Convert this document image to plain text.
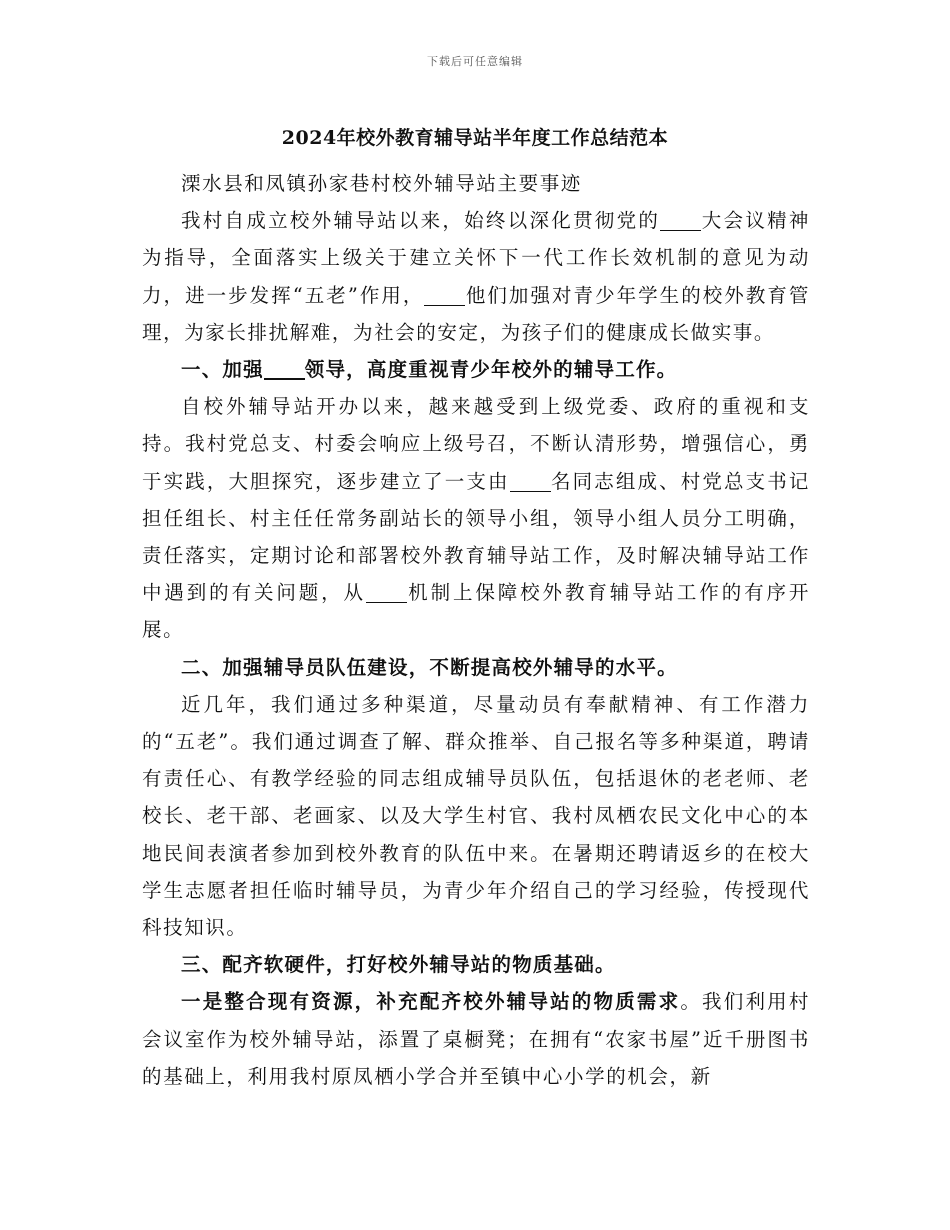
下载后可任意编辑
2024年校外教育辅导站半年度工作总结范本

溧水县和凤镇孙家巷村校外辅导站主要事迹

我村自成立校外辅导站以来，始终以深化贯彻党的 大会议精神为指导，全面落实上级关于建立关怀下一代工作长效机制的意见为动力，进一步发挥“五老”作用， 他们加强对青少年学生的校外教育管理，为家长排扰解难，为社会的安定，为孩子们的健康成长做实事。

一、加强 领导，高度重视青少年校外的辅导工作。

自校外辅导站开办以来，越来越受到上级党委、政府的重视和支持。我村党总支、村委会响应上级号召，不断认清形势，增强信心，勇于实践，大胆探究，逐步建立了一支由 名同志组成、村党总支书记担任组长、村主任任常务副站长的领导小组，领导小组人员分工明确，责任落实，定期讨论和部署校外教育辅导站工作，及时解决辅导站工作中遇到的有关问题，从 机制上保障校外教育辅导站工作的有序开展。

二、加强辅导员队伍建设，不断提高校外辅导的水平。

近几年，我们通过多种渠道，尽量动员有奉献精神、有工作潜力的“五老”。我们通过调查了解、群众推举、自己报名等多种渠道，聘请有责任心、有教学经验的同志组成辅导员队伍，包括退休的老老师、老校长、老干部、老画家、以及大学生村官、我村凤栖农民文化中心的本地民间表演者参加到校外教育的队伍中来。在暑期还聘请返乡的在校大学生志愿者担任临时辅导员，为青少年介绍自己的学习经验，传授现代科技知识。

三、配齐软硬件，打好校外辅导站的物质基础。

一是整合现有资源，补充配齐校外辅导站的物质需求。我们利用村会议室作为校外辅导站，添置了桌橱凳；在拥有“农家书屋”近千册图书的基础上，利用我村原凤栖小学合并至镇中心小学的机会，新
